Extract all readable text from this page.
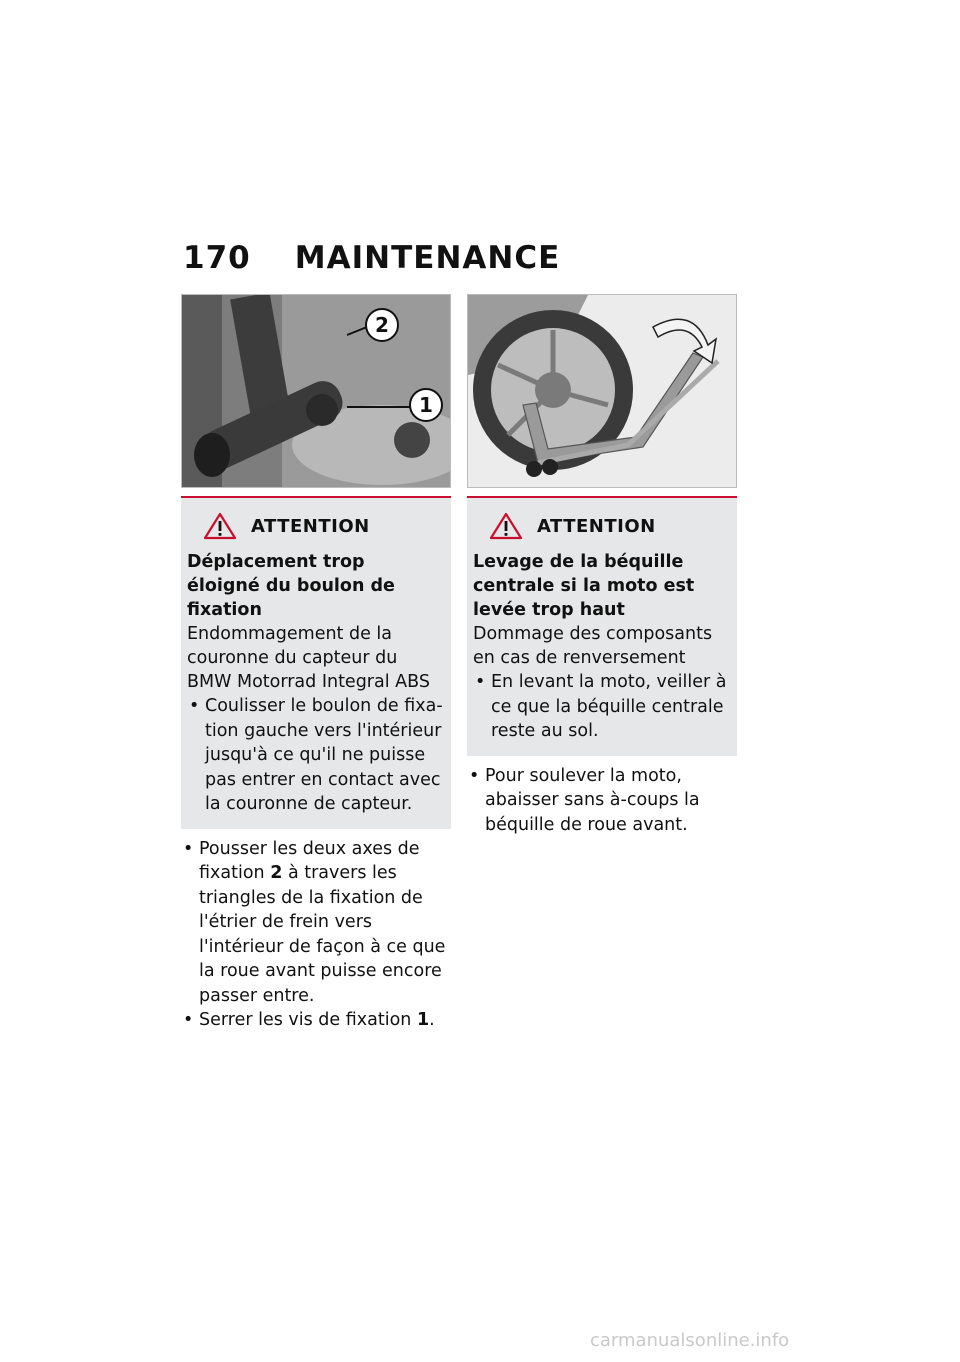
170 MAINTENANCE
2
1
ATTENTION
Déplacement trop éloigné du boulon de fixation
Endommagement de la couronne du capteur du BMW Motorrad Integral ABS
• Coulisser le boulon de fixation gauche vers l'intérieur jusqu'à ce qu'il ne puisse pas entrer en contact avec la couronne de capteur.
• Pousser les deux axes de fixation 2 à travers les triangles de la fixation de l'étrier de frein vers l'intérieur de façon à ce que la roue avant puisse encore passer entre.
• Serrer les vis de fixation 1.
ATTENTION
Levage de la béquille centrale si la moto est levée trop haut
Dommage des composants en cas de renversement
• En levant la moto, veiller à ce que la béquille centrale reste au sol.
• Pour soulever la moto, abaisser sans à-coups la béquille de roue avant.
carmanualsonline.info
